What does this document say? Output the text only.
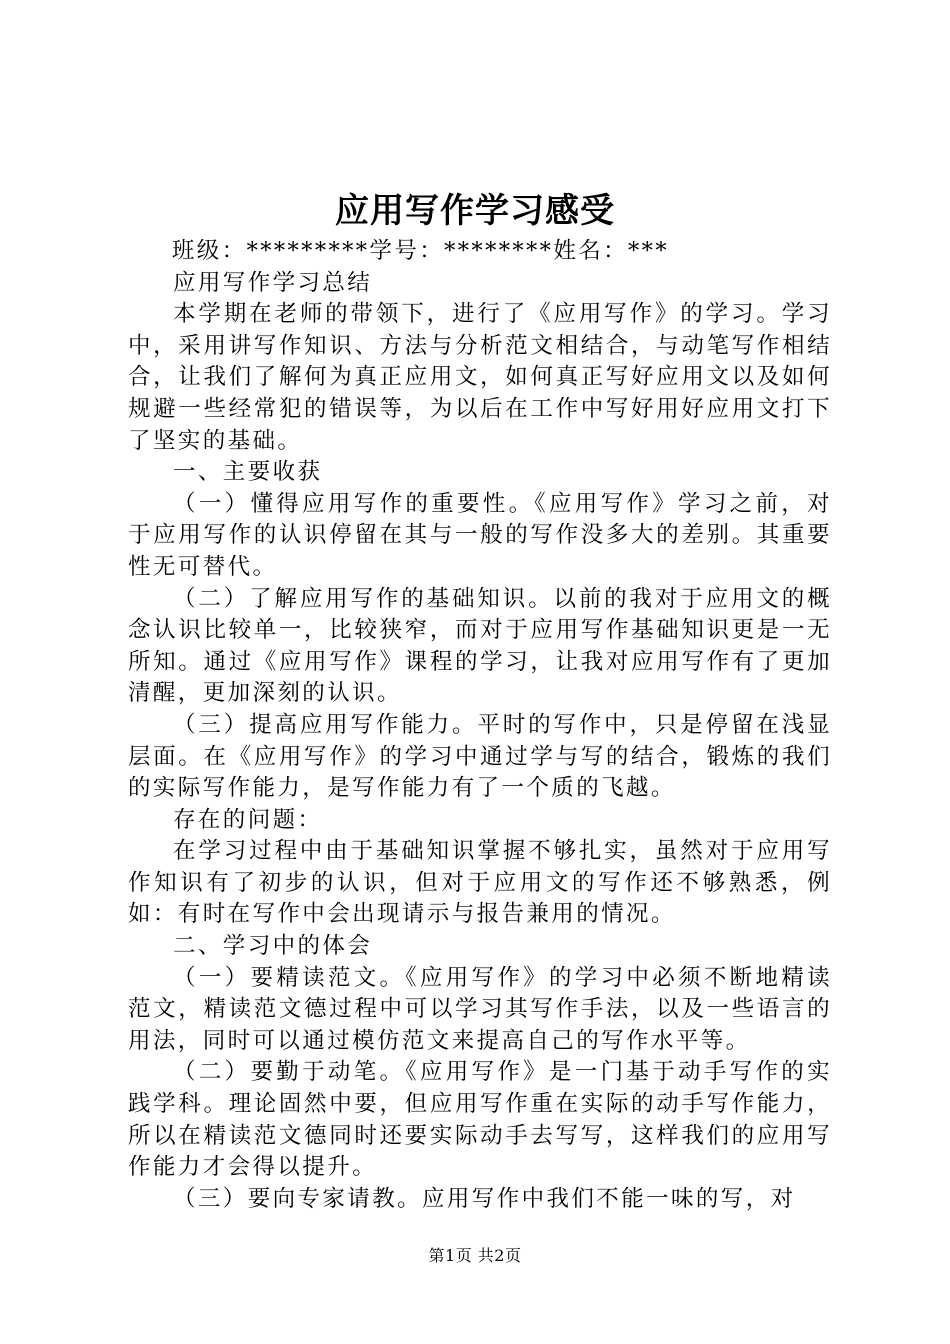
应用写作学习感受

班级：*********学号：********姓名：***

应用写作学习总结

本学期在老师的带领下，进行了《应用写作》的学习。学习中，采用讲写作知识、方法与分析范文相结合，与动笔写作相结合，让我们了解何为真正应用文，如何真正写好应用文以及如何规避一些经常犯的错误等，为以后在工作中写好用好应用文打下了坚实的基础。

一、主要收获

（一）懂得应用写作的重要性。《应用写作》学习之前，对于应用写作的认识停留在其与一般的写作没多大的差别。其重要性无可替代。

（二）了解应用写作的基础知识。以前的我对于应用文的概念认识比较单一，比较狭窄，而对于应用写作基础知识更是一无所知。通过《应用写作》课程的学习，让我对应用写作有了更加清醒，更加深刻的认识。

（三）提高应用写作能力。平时的写作中，只是停留在浅显层面。在《应用写作》的学习中通过学与写的结合，锻炼的我们的实际写作能力，是写作能力有了一个质的飞越。

存在的问题：

在学习过程中由于基础知识掌握不够扎实，虽然对于应用写作知识有了初步的认识，但对于应用文的写作还不够熟悉，例如：有时在写作中会出现请示与报告兼用的情况。

二、学习中的体会

（一）要精读范文。《应用写作》的学习中必须不断地精读范文，精读范文德过程中可以学习其写作手法，以及一些语言的用法，同时可以通过模仿范文来提高自己的写作水平等。

（二）要勤于动笔。《应用写作》是一门基于动手写作的实践学科。理论固然中要，但应用写作重在实际的动手写作能力，所以在精读范文德同时还要实际动手去写写，这样我们的应用写作能力才会得以提升。

（三）要向专家请教。应用写作中我们不能一味的写，对

第1页 共2页
